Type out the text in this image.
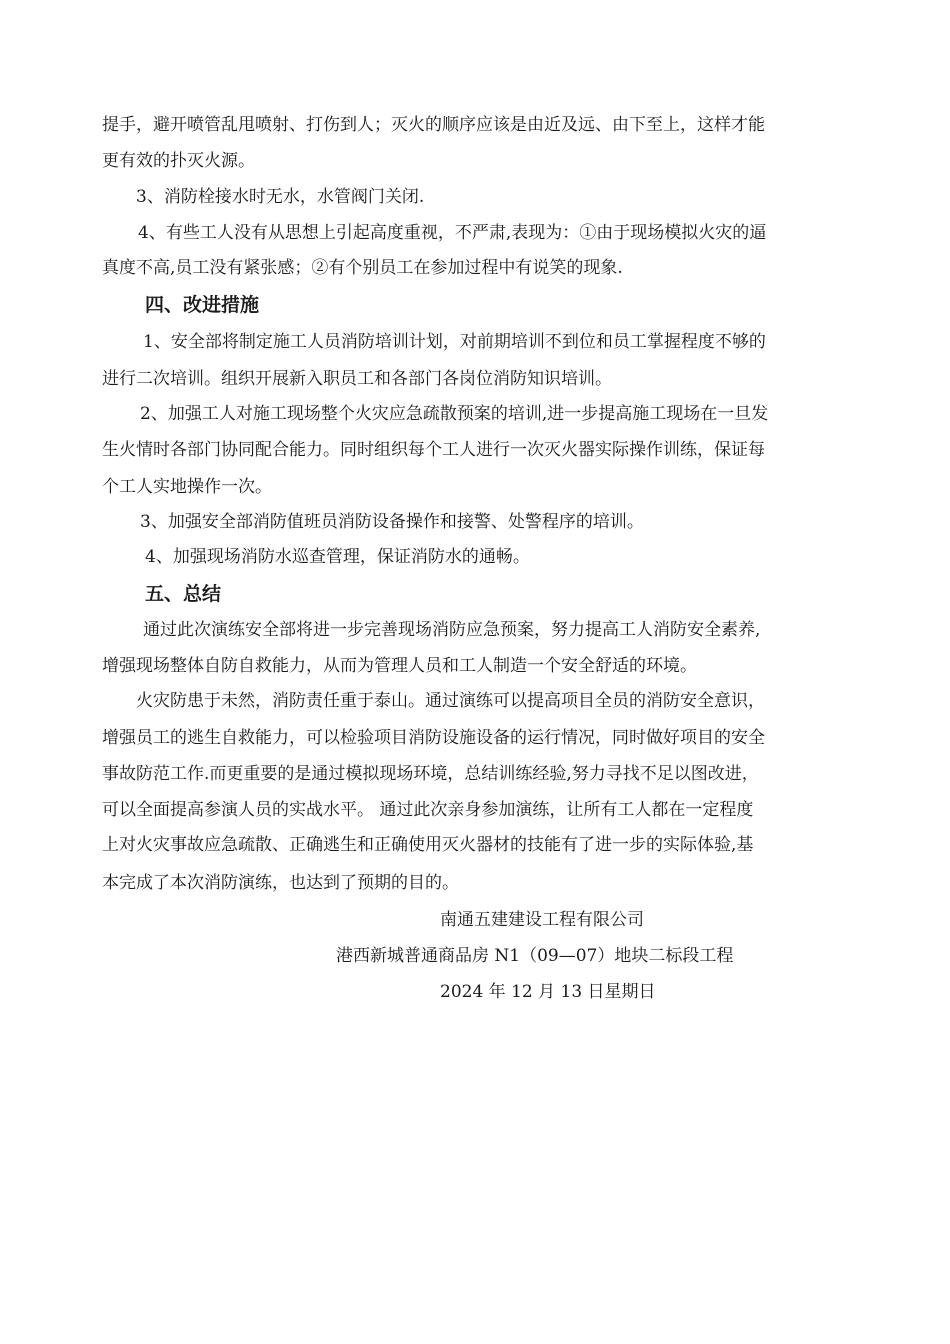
提手，避开喷管乱甩喷射、打伤到人；灭火的顺序应该是由近及远、由下至上，这样才能
更有效的扑灭火源。
3、消防栓接水时无水，水管阀门关闭.
4、有些工人没有从思想上引起高度重视，不严肃,表现为：①由于现场模拟火灾的逼
真度不高,员工没有紧张感；②有个别员工在参加过程中有说笑的现象.
四、改进措施
1、安全部将制定施工人员消防培训计划，对前期培训不到位和员工掌握程度不够的
进行二次培训。组织开展新入职员工和各部门各岗位消防知识培训。
2、加强工人对施工现场整个火灾应急疏散预案的培训,进一步提高施工现场在一旦发
生火情时各部门协同配合能力。同时组织每个工人进行一次灭火器实际操作训练，保证每
个工人实地操作一次。
3、加强安全部消防值班员消防设备操作和接警、处警程序的培训。
4、加强现场消防水巡查管理，保证消防水的通畅。
五、总结
通过此次演练安全部将进一步完善现场消防应急预案，努力提高工人消防安全素养,
增强现场整体自防自救能力，从而为管理人员和工人制造一个安全舒适的环境。
火灾防患于未然，消防责任重于泰山。通过演练可以提高项目全员的消防安全意识，
增强员工的逃生自救能力，可以检验项目消防设施设备的运行情况，同时做好项目的安全
事故防范工作.而更重要的是通过模拟现场环境，总结训练经验,努力寻找不足以图改进，
可以全面提高参演人员的实战水平。 通过此次亲身参加演练，让所有工人都在一定程度
上对火灾事故应急疏散、正确逃生和正确使用灭火器材的技能有了进一步的实际体验,基
本完成了本次消防演练，也达到了预期的目的。
南通五建建设工程有限公司
港西新城普通商品房 N1（09—07）地块二标段工程
2024 年 12 月 13 日星期日
